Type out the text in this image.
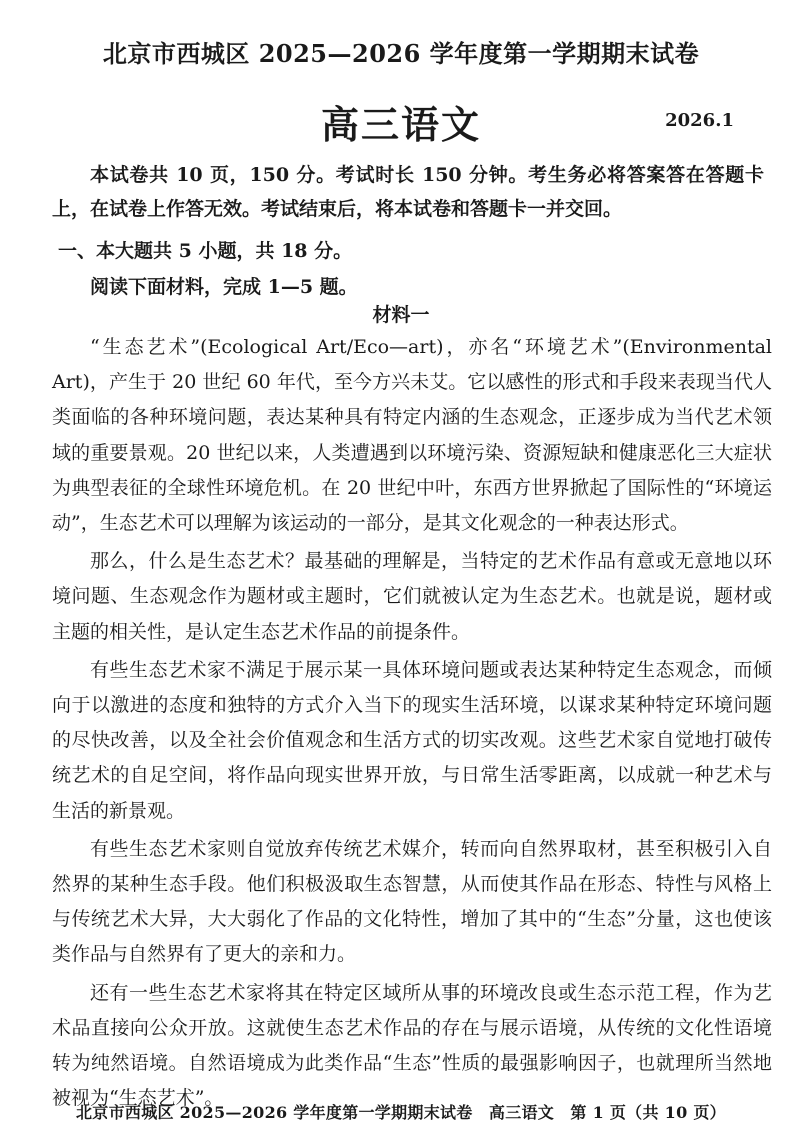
北京市西城区 2025—2026 学年度第一学期期末试卷
高三语文	2026.1
本试卷共 10 页，150 分。考试时长 150 分钟。考生务必将答案答在答题卡上，在试卷上作答无效。考试结束后，将本试卷和答题卡一并交回。
一、本大题共 5 小题，共 18 分。
阅读下面材料，完成 1—5 题。
材料一

“生态艺术”(Ecological Art/Eco—art)，亦名“环境艺术”(Environmental Art)，产生于 20 世纪 60 年代，至今方兴未艾。它以感性的形式和手段来表现当代人类面临的各种环境问题，表达某种具有特定内涵的生态观念，正逐步成为当代艺术领域的重要景观。20 世纪以来，人类遭遇到以环境污染、资源短缺和健康恶化三大症状为典型表征的全球性环境危机。在 20 世纪中叶，东西方世界掀起了国际性的“环境运动”，生态艺术可以理解为该运动的一部分，是其文化观念的一种表达形式。

那么，什么是生态艺术？最基础的理解是，当特定的艺术作品有意或无意地以环境问题、生态观念作为题材或主题时，它们就被认定为生态艺术。也就是说，题材或主题的相关性，是认定生态艺术作品的前提条件。

有些生态艺术家不满足于展示某一具体环境问题或表达某种特定生态观念，而倾向于以激进的态度和独特的方式介入当下的现实生活环境，以谋求某种特定环境问题的尽快改善，以及全社会价值观念和生活方式的切实改观。这些艺术家自觉地打破传统艺术的自足空间，将作品向现实世界开放，与日常生活零距离，以成就一种艺术与生活的新景观。

有些生态艺术家则自觉放弃传统艺术媒介，转而向自然界取材，甚至积极引入自然界的某种生态手段。他们积极汲取生态智慧，从而使其作品在形态、特性与风格上与传统艺术大异，大大弱化了作品的文化特性，增加了其中的“生态”分量，这也使该类作品与自然界有了更大的亲和力。

还有一些生态艺术家将其在特定区域所从事的环境改良或生态示范工程，作为艺术品直接向公众开放。这就使生态艺术作品的存在与展示语境，从传统的文化性语境转为纯然语境。自然语境成为此类作品“生态”性质的最强影响因子，也就理所当然地被视为“生态艺术”。

北京市西城区 2025—2026 学年度第一学期期末试卷　高三语文　第 1 页（共 10 页）
